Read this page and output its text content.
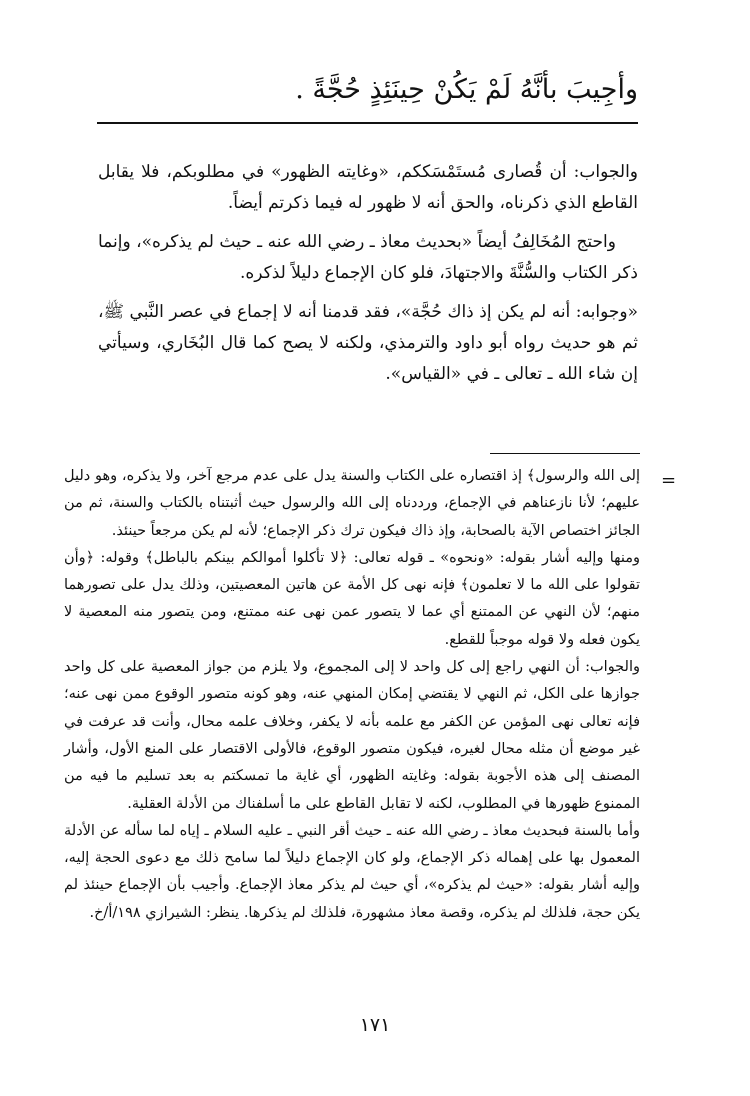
وأُجِيبَ بأَنَّهُ لَمْ يَكُنْ حِينَئِذٍ حُجَّةً .

والجواب: أن قُصارى مُستَمْسَككم، «وغايته الظهور» في مطلوبكم، فلا يقابل القاطع الذي ذكرناه، والحق أنه لا ظهور له فيما ذكرتم أيضاً.

واحتج المُخَالِفُ أيضاً «بحديث معاذ ـ رضي الله عنه ـ حيث لم يذكره»، وإنما ذكر الكتاب والسُّنَّةَ والاجتهادَ، فلو كان الإجماع دليلاً لذكره.

«وجوابه: أنه لم يكن إذ ذاك حُجَّة»، فقد قدمنا أنه لا إجماع في عصر النَّبي ﷺ، ثم هو حديث رواه أبو داود والترمذي، ولكنه لا يصح كما قال البُخَاري، وسيأتي إن شاء الله ـ تعالى ـ في «القياس».

=

إلى الله والرسول﴾ إذ اقتصاره على الكتاب والسنة يدل على عدم مرجع آخر، ولا يذكره، وهو دليل عليهم؛ لأنا نازعناهم في الإجماع، ورددناه إلى الله والرسول حيث أثبتناه بالكتاب والسنة، ثم من الجائز اختصاص الآية بالصحابة، وإذ ذاك فيكون ترك ذكر الإجماع؛ لأنه لم يكن مرجعاً حينئذ.

ومنها وإليه أشار بقوله: «ونحوه» ـ قوله تعالى: ﴿لا تأكلوا أموالكم بينكم بالباطل﴾ وقوله: ﴿وأن تقولوا على الله ما لا تعلمون﴾ فإنه نهى كل الأمة عن هاتين المعصيتين، وذلك يدل على تصورهما منهم؛ لأن النهي عن الممتنع أي عما لا يتصور عمن نهى عنه ممتنع، ومن يتصور منه المعصية لا يكون فعله ولا قوله موجباً للقطع.

والجواب: أن النهي راجع إلى كل واحد لا إلى المجموع، ولا يلزم من جواز المعصية على كل واحد جوازها على الكل، ثم النهي لا يقتضي إمكان المنهي عنه، وهو كونه متصور الوقوع ممن نهى عنه؛ فإنه تعالى نهى المؤمن عن الكفر مع علمه بأنه لا يكفر، وخلاف علمه محال، وأنت قد عرفت في غير موضع أن مثله محال لغيره، فيكون متصور الوقوع، فالأولى الاقتصار على المنع الأول، وأشار المصنف إلى هذه الأجوبة بقوله: وغايته الظهور، أي غاية ما تمسكتم به بعد تسليم ما فيه من الممنوع ظهورها في المطلوب، لكنه لا تقابل القاطع على ما أسلفناك من الأدلة العقلية.

وأما بالسنة فبحديث معاذ ـ رضي الله عنه ـ حيث أقر النبي ـ عليه السلام ـ إياه لما سأله عن الأدلة المعمول بها على إهماله ذكر الإجماع، ولو كان الإجماع دليلاً لما سامح ذلك مع دعوى الحجة إليه، وإليه أشار بقوله: «حيث لم يذكره»، أي حيث لم يذكر معاذ الإجماع. وأجيب بأن الإجماع حينئذ لم يكن حجة، فلذلك لم يذكره، وقصة معاذ مشهورة، فلذلك لم يذكرها. ينظر: الشيرازي ١٩٨/أ/خ.

١٧١
